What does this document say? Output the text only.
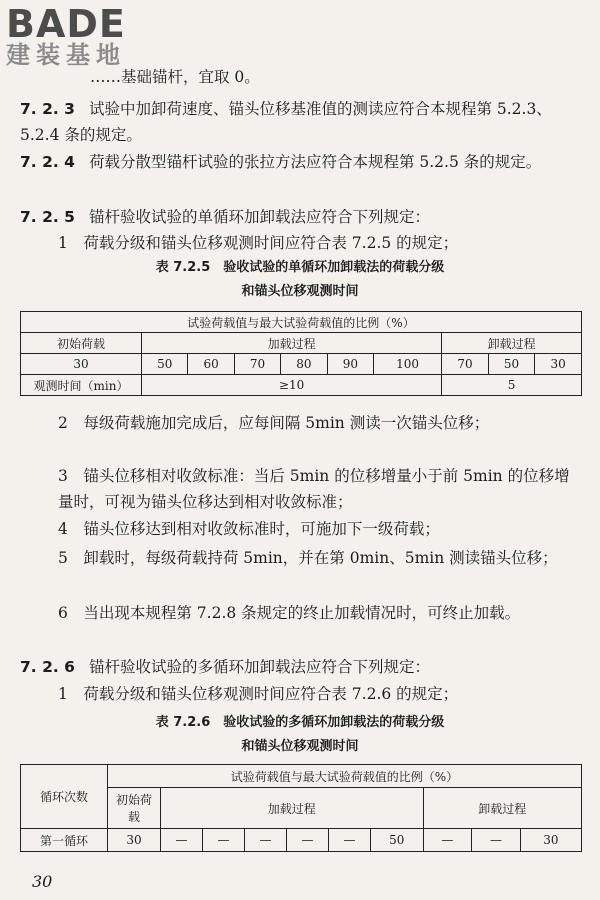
BADE
建装基地
……基础锚杆，宜取 0。
7. 2. 3 试验中加卸荷速度、锚头位移基准值的测读应符合本规程第 5.2.3、5.2.4 条的规定。
7. 2. 4 荷载分散型锚杆试验的张拉方法应符合本规程第 5.2.5 条的规定。
7. 2. 5 锚杆验收试验的单循环加卸载法应符合下列规定：
1　荷载分级和锚头位移观测时间应符合表 7.2.5 的规定；
表 7.2.5　验收试验的单循环加卸载法的荷载分级
和锚头位移观测时间
试验荷载值与最大试验荷载值的比例（%）									
初始荷载	加载过程						卸载过程		
30	50	60	70	80	90	100	70	50	30
观测时间（min）	≥10						5		
2　每级荷载施加完成后，应每间隔 5min 测读一次锚头位移；
3　锚头位移相对收敛标准：当后 5min 的位移增量小于前 5min 的位移增量时，可视为锚头位移达到相对收敛标准；
4　锚头位移达到相对收敛标准时，可施加下一级荷载；
5　卸载时，每级荷载持荷 5min，并在第 0min、5min 测读锚头位移；
6　当出现本规程第 7.2.8 条规定的终止加载情况时，可终止加载。
7. 2. 6 锚杆验收试验的多循环加卸载法应符合下列规定：
1　荷载分级和锚头位移观测时间应符合表 7.2.6 的规定；
表 7.2.6　验收试验的多循环加卸载法的荷载分级
和锚头位移观测时间
循环次数	试验荷载值与最大试验荷载值的比例（%）									
	初始荷载	加载过程						卸载过程		
第一循环	30	—	—	—	—	—	50	—	—	30
30
